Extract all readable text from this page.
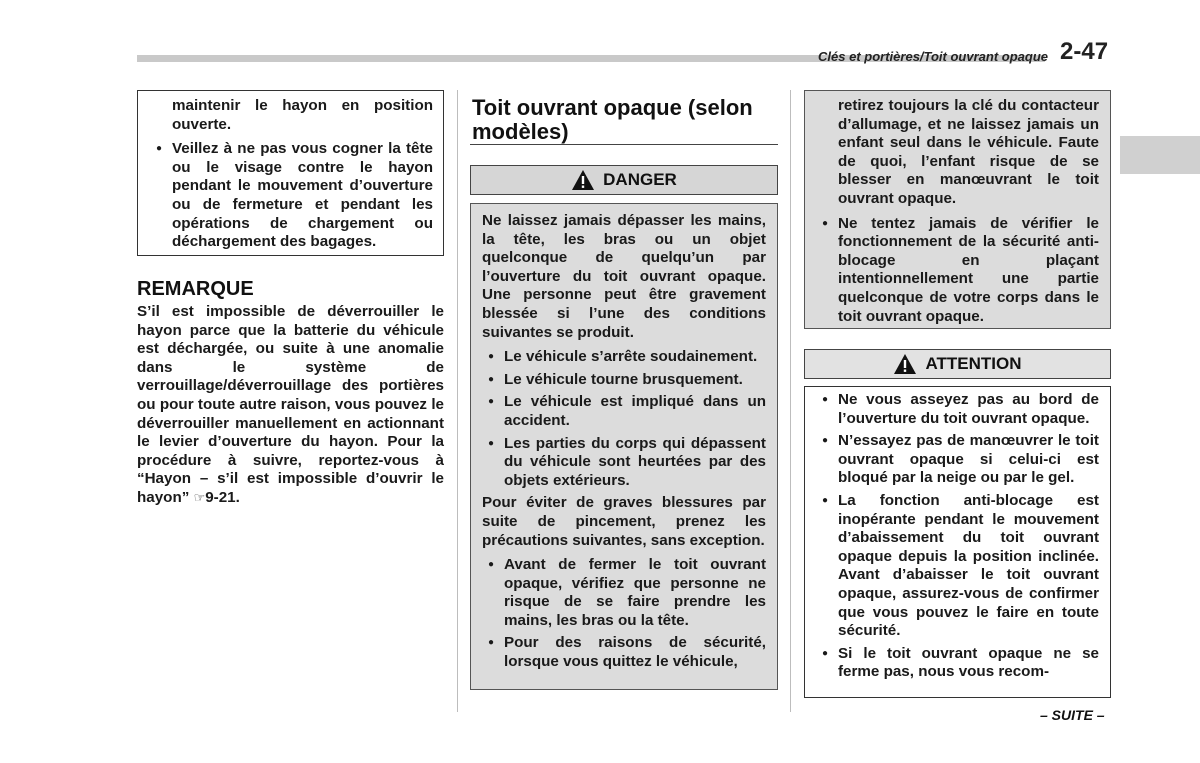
Clés et portières/Toit ouvrant opaque 2-47
maintenir le hayon en position ouverte.
● Veillez à ne pas vous cogner la tête ou le visage contre le hayon pendant le mouvement d’ouverture ou de fermeture et pendant les opérations de chargement ou déchargement des bagages.
REMARQUE
S’il est impossible de déverrouiller le hayon parce que la batterie du véhicule est déchargée, ou suite à une anomalie dans le système de verrouillage/déverrouillage des portières ou pour toute autre raison, vous pouvez le déverrouiller manuellement en actionnant le levier d’ouverture du hayon. Pour la procédure à suivre, reportez-vous à “Hayon – s’il est impossible d’ouvrir le hayon” ☞9-21.
Toit ouvrant opaque (selon modèles)
DANGER
Ne laissez jamais dépasser les mains, la tête, les bras ou un objet quelconque de quelqu’un par l’ouverture du toit ouvrant opaque. Une personne peut être gravement blessée si l’une des conditions suivantes se produit.
● Le véhicule s’arrête soudainement.
● Le véhicule tourne brusquement.
● Le véhicule est impliqué dans un accident.
● Les parties du corps qui dépassent du véhicule sont heurtées par des objets extérieurs.
Pour éviter de graves blessures par suite de pincement, prenez les précautions suivantes, sans exception.
● Avant de fermer le toit ouvrant opaque, vérifiez que personne ne risque de se faire prendre les mains, les bras ou la tête.
● Pour des raisons de sécurité, lorsque vous quittez le véhicule,
retirez toujours la clé du contacteur d’allumage, et ne laissez jamais un enfant seul dans le véhicule. Faute de quoi, l’enfant risque de se blesser en manœuvrant le toit ouvrant opaque.
● Ne tentez jamais de vérifier le fonctionnement de la sécurité anti-blocage en plaçant intentionnellement une partie quelconque de votre corps dans le toit ouvrant opaque.
ATTENTION
● Ne vous asseyez pas au bord de l’ouverture du toit ouvrant opaque.
● N’essayez pas de manœuvrer le toit ouvrant opaque si celui-ci est bloqué par la neige ou par le gel.
● La fonction anti-blocage est inopérante pendant le mouvement d’abaissement du toit ouvrant opaque depuis la position inclinée. Avant d’abaisser le toit ouvrant opaque, assurez-vous de confirmer que vous pouvez le faire en toute sécurité.
● Si le toit ouvrant opaque ne se ferme pas, nous vous recom-
– SUITE –
